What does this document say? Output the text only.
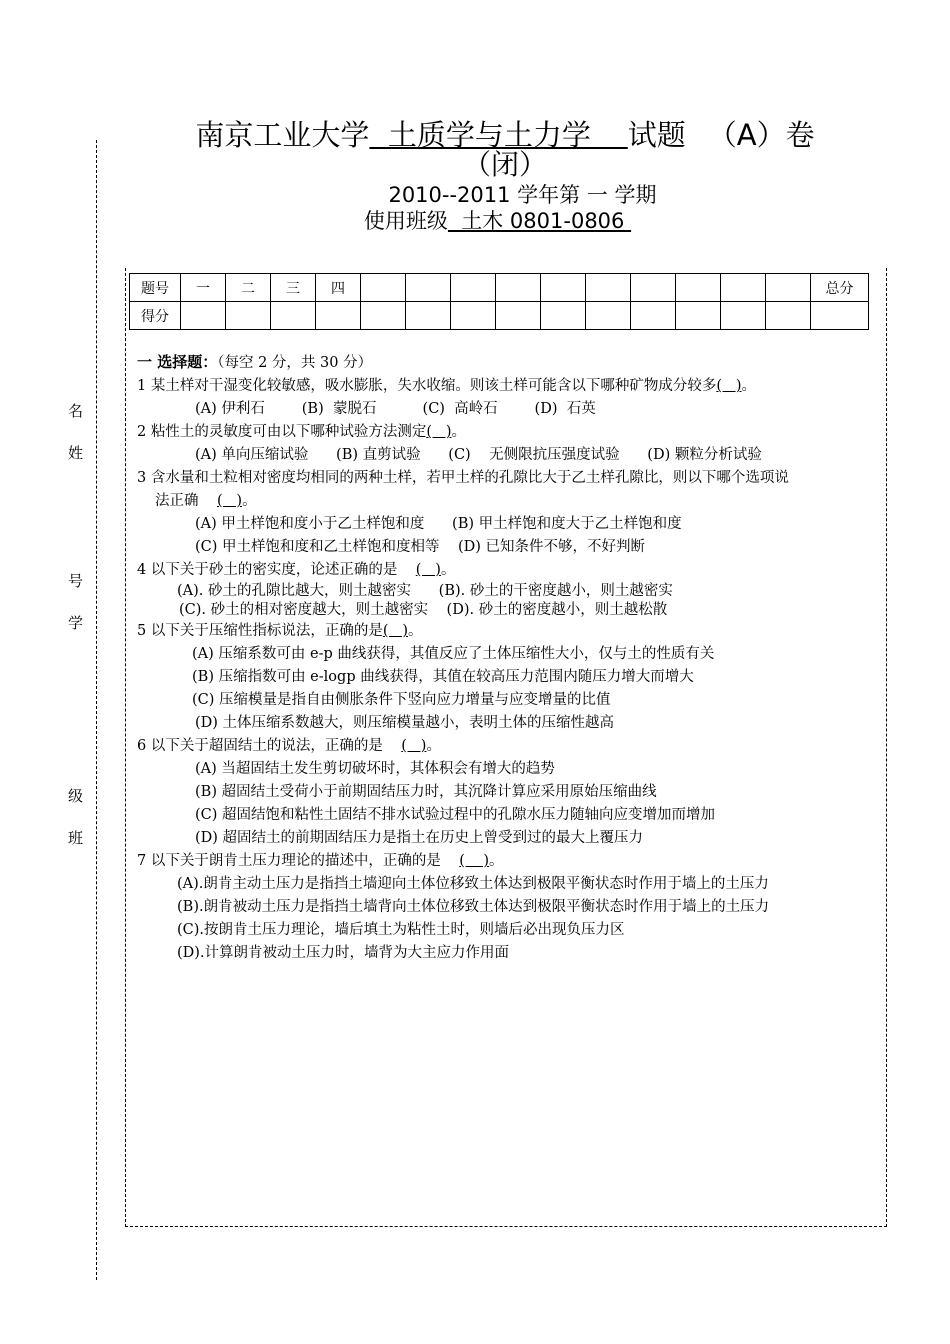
名
姓
号
学
级
班
南京工业大学  土质学与土力学    试题 （A）卷
（闭）
2010--2011 学年第 一 学期
使用班级  土木 0801-0806
题号	一	二	三	四											总分
得分															
一 选择题：（每空 2 分，共 30 分）
1 某土样对干湿变化较敏感，吸水膨胀，失水收缩。则该土样可能含以下哪种矿物成分较多(   )。
(A) 伊利石        (B)  蒙脱石          (C)  高岭石        (D)  石英
2 粘性土的灵敏度可由以下哪种试验方法测定(   )。
(A) 单向压缩试验      (B) 直剪试验      (C)    无侧限抗压强度试验      (D) 颗粒分析试验
3 含水量和土粒相对密度均相同的两种土样，若甲土样的孔隙比大于乙土样孔隙比，则以下哪个选项说
法正确    (   )。
(A) 甲土样饱和度小于乙土样饱和度      (B) 甲土样饱和度大于乙土样饱和度
(C) 甲土样饱和度和乙土样饱和度相等    (D) 已知条件不够，不好判断
4 以下关于砂土的密实度，论述正确的是    (   )。
(A). 砂土的孔隙比越大，则土越密实      (B). 砂土的干密度越小，则土越密实
(C). 砂土的相对密度越大，则土越密实    (D). 砂土的密度越小，则土越松散
5 以下关于压缩性指标说法，正确的是(   )。
(A) 压缩系数可由 e-p 曲线获得，其值反应了土体压缩性大小，仅与土的性质有关
(B) 压缩指数可由 e-logp 曲线获得，其值在较高压力范围内随压力增大而增大
(C) 压缩模量是指自由侧胀条件下竖向应力增量与应变增量的比值
(D) 土体压缩系数越大，则压缩模量越小，表明土体的压缩性越高
6 以下关于超固结土的说法，正确的是    (   )。
(A) 当超固结土发生剪切破坏时，其体积会有增大的趋势
(B) 超固结土受荷小于前期固结压力时，其沉降计算应采用原始压缩曲线
(C) 超固结饱和粘性土固结不排水试验过程中的孔隙水压力随轴向应变增加而增加
(D) 超固结土的前期固结压力是指土在历史上曾受到过的最大上覆压力
7 以下关于朗肯土压力理论的描述中，正确的是    (    )。
(A).朗肯主动土压力是指挡土墙迎向土体位移致土体达到极限平衡状态时作用于墙上的土压力
(B).朗肯被动土压力是指挡土墙背向土体位移致土体达到极限平衡状态时作用于墙上的土压力
(C).按朗肯土压力理论，墙后填土为粘性土时，则墙后必出现负压力区
(D).计算朗肯被动土压力时，墙背为大主应力作用面
